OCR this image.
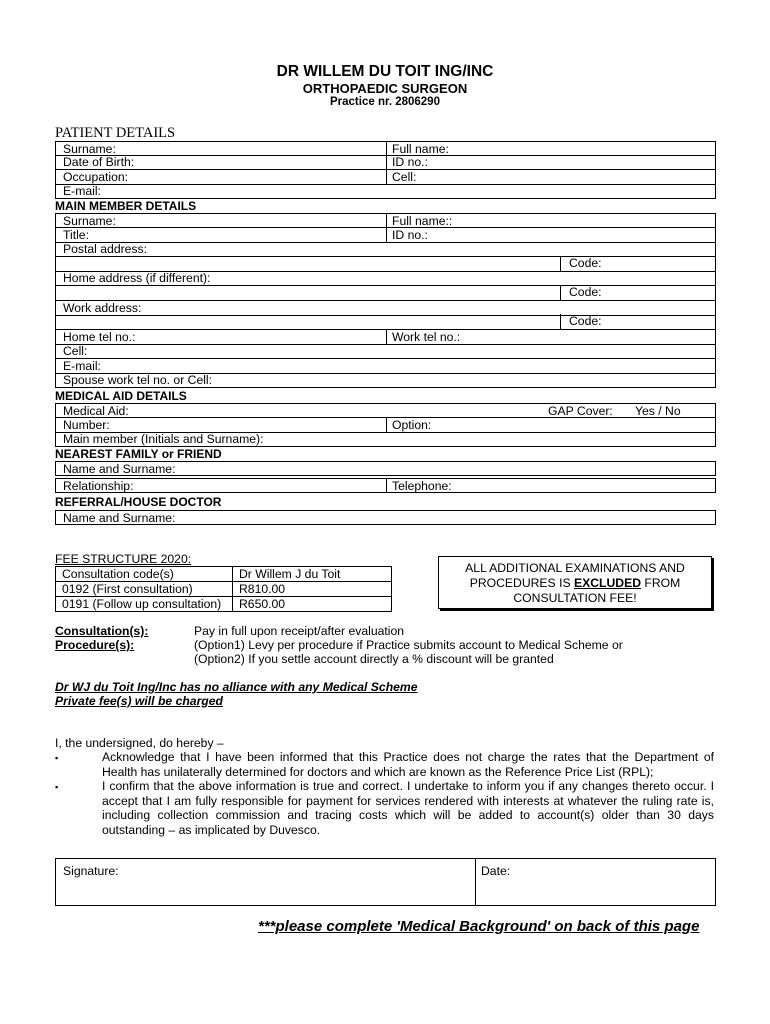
DR WILLEM DU TOIT ING/INC
ORTHOPAEDIC SURGEON
Practice nr. 2806290
PATIENT DETAILS
Surname:	Full name:
Date of Birth:	ID no.:
Occupation:	Cell:
E-mail:
MAIN MEMBER DETAILS
Surname:	Full name::
Title:	ID no.:
Postal address:
Code:
Home address (if different):
Code:
Work address:
Code:
Home tel no.:	Work tel no.:
Cell:
E-mail:
Spouse work tel no. or Cell:
MEDICAL AID DETAILS
Medical Aid:	GAP Cover: Yes / No
Number:	Option:
Main member (Initials and Surname):
NEAREST FAMILY or FRIEND
Name and Surname:
Relationship:	Telephone:
REFERRAL/HOUSE DOCTOR
Name and Surname:
FEE STRUCTURE 2020:
Consultation code(s)	Dr Willem J du Toit
0192 (First consultation)	R810.00
0191 (Follow up consultation)	R650.00
ALL ADDITIONAL EXAMINATIONS AND PROCEDURES IS EXCLUDED FROM CONSULTATION FEE!
Consultation(s):	Pay in full upon receipt/after evaluation
Procedure(s):	(Option1) Levy per procedure if Practice submits account to Medical Scheme or
(Option2) If you settle account directly a % discount will be granted
Dr WJ du Toit Ing/Inc has no alliance with any Medical Scheme
Private fee(s) will be charged
I, the undersigned, do hereby –
▪	Acknowledge that I have been informed that this Practice does not charge the rates that the Department of Health has unilaterally determined for doctors and which are known as the Reference Price List (RPL);
▪	I confirm that the above information is true and correct. I undertake to inform you if any changes thereto occur. I accept that I am fully responsible for payment for services rendered with interests at whatever the ruling rate is, including collection commission and tracing costs which will be added to account(s) older than 30 days outstanding – as implicated by Duvesco.
Signature:	Date:
***please complete 'Medical Background' on back of this page
